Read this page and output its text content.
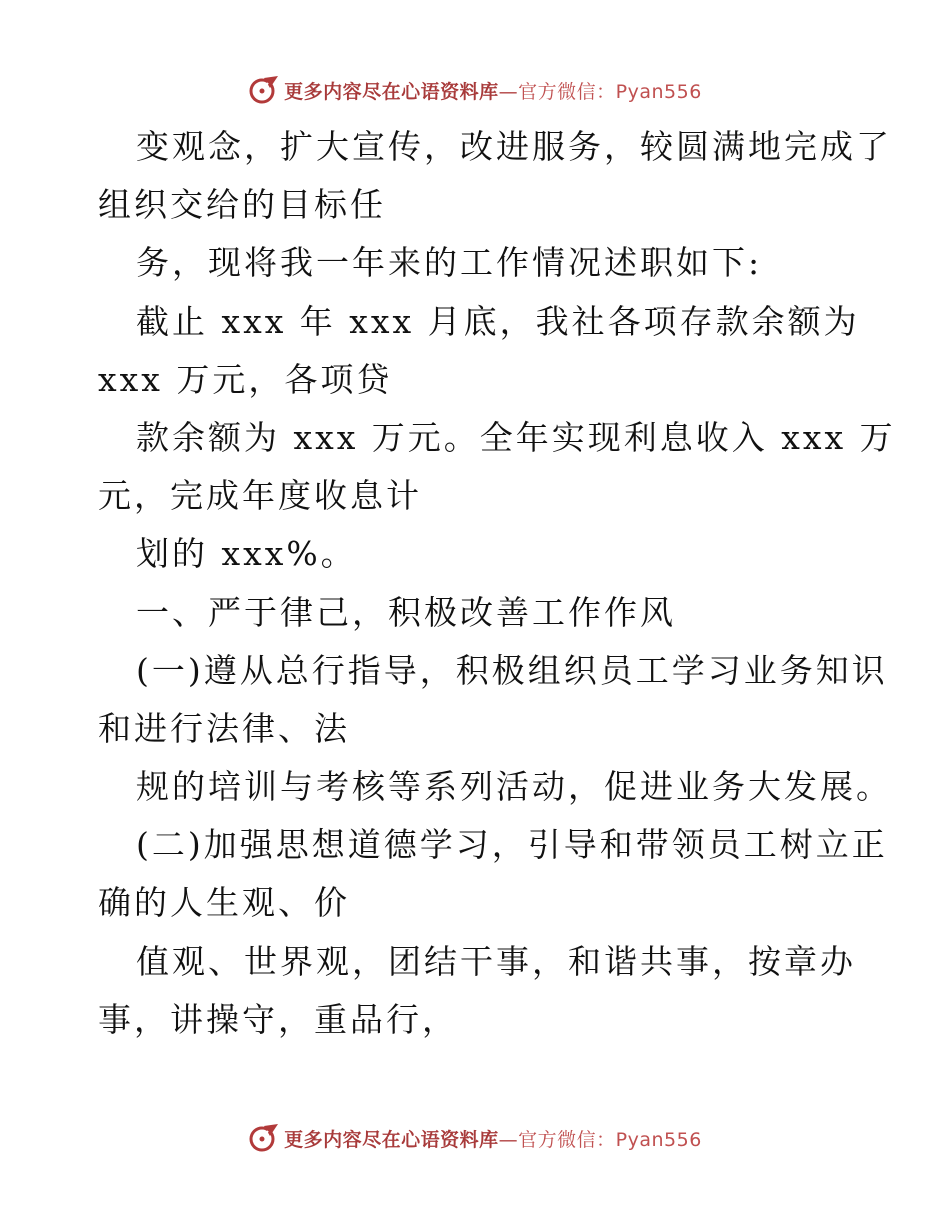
更多内容尽在心语资料库—官方微信：Pyan556
变观念，扩大宣传，改进服务，较圆满地完成了
组织交给的目标任
务，现将我一年来的工作情况述职如下:
截止 xxx 年 xxx 月底，我社各项存款余额为
xxx 万元，各项贷
款余额为 xxx 万元。全年实现利息收入 xxx 万
元，完成年度收息计
划的 xxx%。
一、严于律己，积极改善工作作风
(一)遵从总行指导，积极组织员工学习业务知识
和进行法律、法
规的培训与考核等系列活动，促进业务大发展。
(二)加强思想道德学习，引导和带领员工树立正
确的人生观、价
值观、世界观，团结干事，和谐共事，按章办
事，讲操守，重品行，
更多内容尽在心语资料库—官方微信：Pyan556
